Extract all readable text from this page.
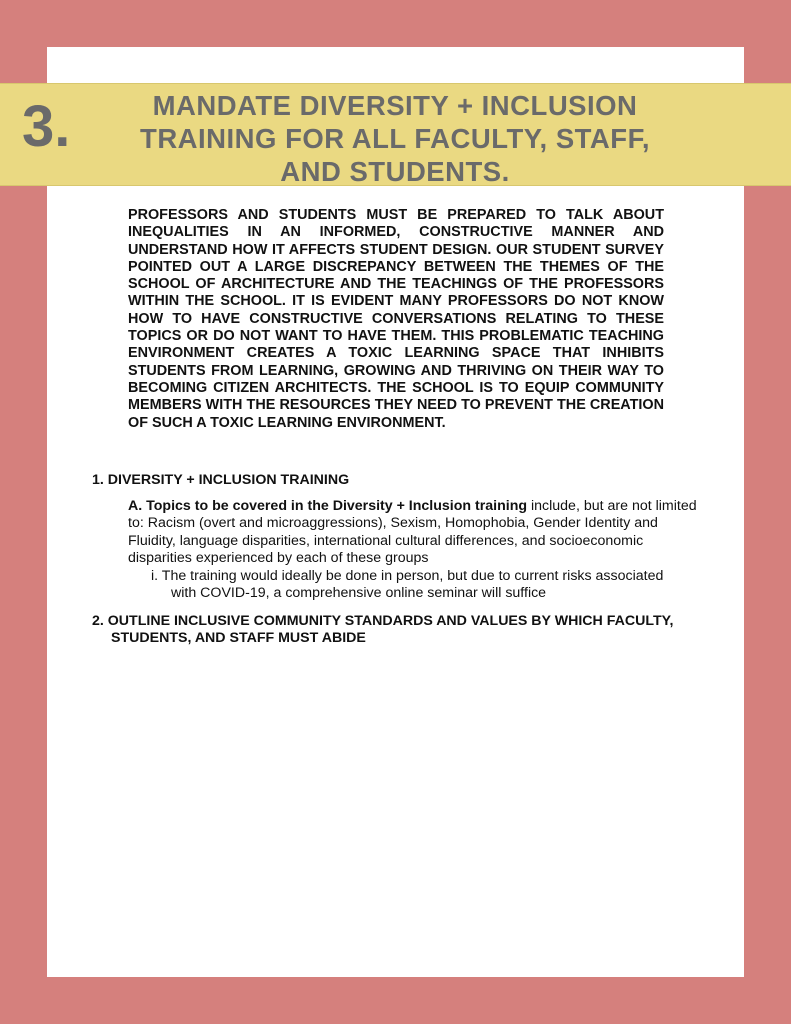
3.	MANDATE DIVERSITY + INCLUSION TRAINING FOR ALL FACULTY, STAFF, AND STUDENTS.

PROFESSORS AND STUDENTS MUST BE PREPARED TO TALK ABOUT INEQUALITIES IN AN INFORMED, CONSTRUCTIVE MANNER AND UNDERSTAND HOW IT AFFECTS STUDENT DESIGN. OUR STUDENT SURVEY POINTED OUT A LARGE DISCREPANCY BETWEEN THE THEMES OF THE SCHOOL OF ARCHITECTURE AND THE TEACHINGS OF THE PROFESSORS WITHIN THE SCHOOL. IT IS EVIDENT MANY PROFESSORS DO NOT KNOW HOW TO HAVE CONSTRUCTIVE CONVERSATIONS RELATING TO THESE TOPICS OR DO NOT WANT TO HAVE THEM. THIS PROBLEMATIC TEACHING ENVIRONMENT CREATES A TOXIC LEARNING SPACE THAT INHIBITS STUDENTS FROM LEARNING, GROWING AND THRIVING ON THEIR WAY TO BECOMING CITIZEN ARCHITECTS. THE SCHOOL IS TO EQUIP COMMUNITY MEMBERS WITH THE RESOURCES THEY NEED TO PREVENT THE CREATION OF SUCH A TOXIC LEARNING ENVIRONMENT.

1. DIVERSITY + INCLUSION TRAINING

A. Topics to be covered in the Diversity + Inclusion training include, but are not limited to: Racism (overt and microaggressions), Sexism, Homophobia, Gender Identity and Fluidity, language disparities, international cultural differences, and socioeconomic disparities experienced by each of these groups
i. The training would ideally be done in person, but due to current risks associated with COVID-19, a comprehensive online seminar will suffice

2. OUTLINE INCLUSIVE COMMUNITY STANDARDS AND VALUES BY WHICH FACULTY, STUDENTS, AND STAFF MUST ABIDE
